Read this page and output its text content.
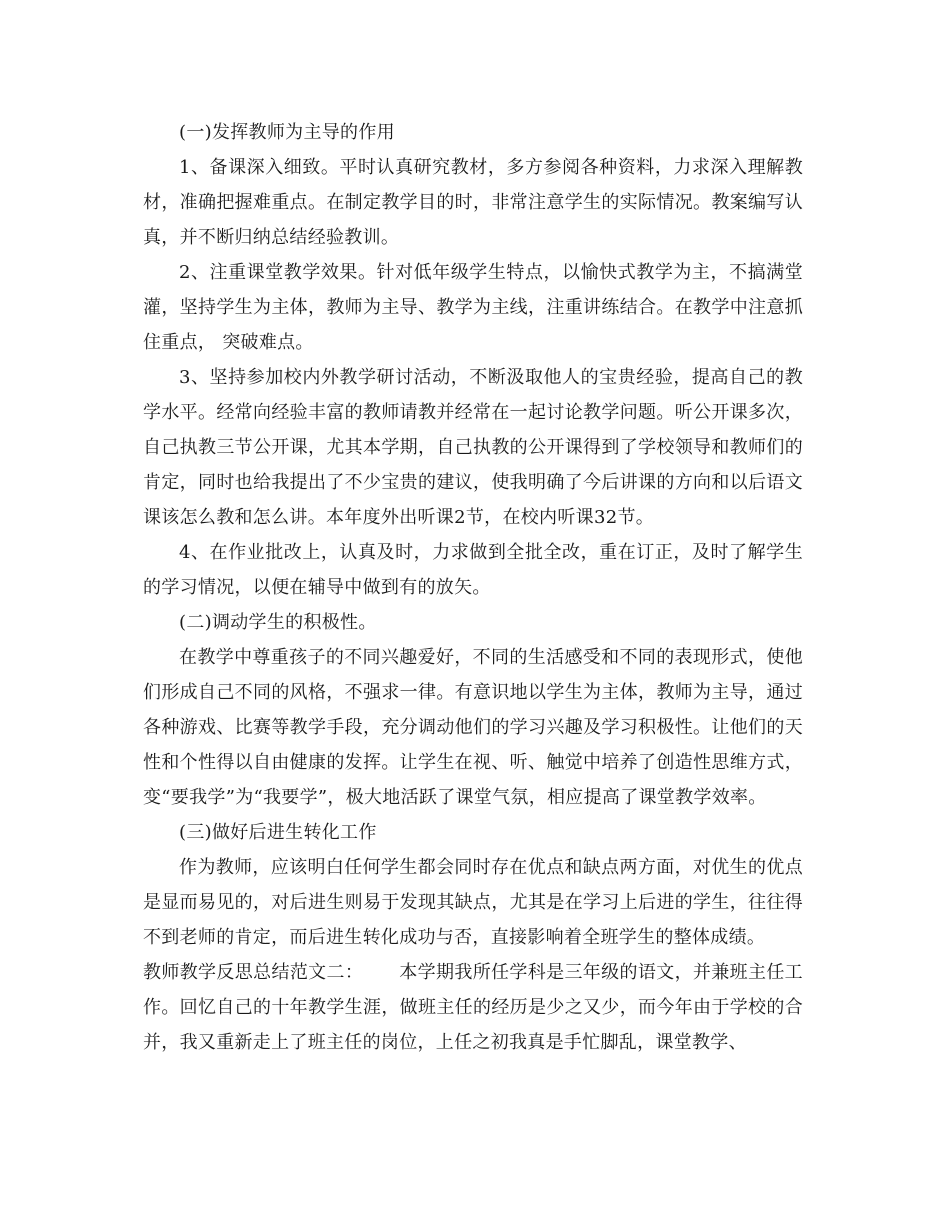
(一)发挥教师为主导的作用

1、备课深入细致。平时认真研究教材，多方参阅各种资料，力求深入理解教材，准确把握难重点。在制定教学目的时，非常注意学生的实际情况。教案编写认真，并不断归纳总结经验教训。

2、注重课堂教学效果。针对低年级学生特点，以愉快式教学为主，不搞满堂灌，坚持学生为主体，教师为主导、教学为主线，注重讲练结合。在教学中注意抓住重点， 突破难点。

3、坚持参加校内外教学研讨活动，不断汲取他人的宝贵经验，提高自己的教学水平。经常向经验丰富的教师请教并经常在一起讨论教学问题。听公开课多次，自己执教三节公开课，尤其本学期，自己执教的公开课得到了学校领导和教师们的肯定，同时也给我提出了不少宝贵的建议，使我明确了今后讲课的方向和以后语文课该怎么教和怎么讲。本年度外出听课2节，在校内听课32节。

4、在作业批改上，认真及时，力求做到全批全改，重在订正，及时了解学生的学习情况，以便在辅导中做到有的放矢。

(二)调动学生的积极性。

在教学中尊重孩子的不同兴趣爱好，不同的生活感受和不同的表现形式，使他们形成自己不同的风格，不强求一律。有意识地以学生为主体，教师为主导，通过各种游戏、比赛等教学手段，充分调动他们的学习兴趣及学习积极性。让他们的天性和个性得以自由健康的发挥。让学生在视、听、触觉中培养了创造性思维方式，变“要我学”为“我要学”，极大地活跃了课堂气氛，相应提高了课堂教学效率。

(三)做好后进生转化工作

作为教师，应该明白任何学生都会同时存在优点和缺点两方面，对优生的优点是显而易见的，对后进生则易于发现其缺点，尤其是在学习上后进的学生，往往得不到老师的肯定，而后进生转化成功与否，直接影响着全班学生的整体成绩。

教师教学反思总结范文二： 本学期我所任学科是三年级的语文，并兼班主任工作。回忆自己的十年教学生涯，做班主任的经历是少之又少，而今年由于学校的合并，我又重新走上了班主任的岗位，上任之初我真是手忙脚乱，课堂教学、
